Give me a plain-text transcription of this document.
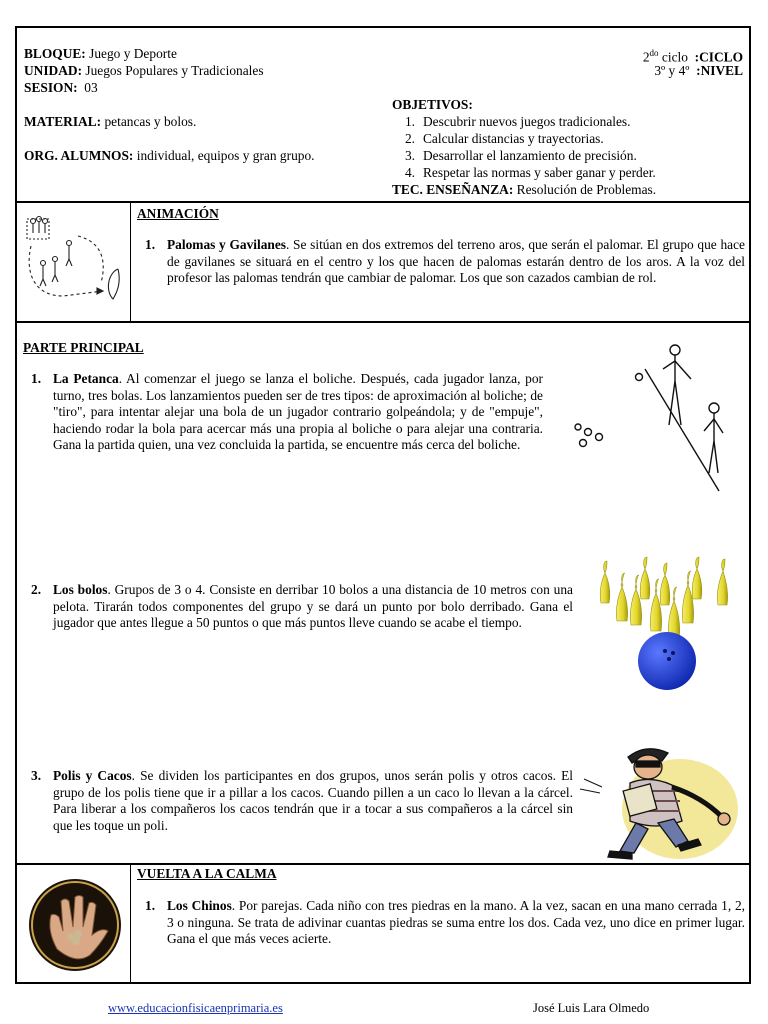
BLOQUE: Juego y Deporte
UNIDAD: Juegos Populares y Tradicionales
SESION: 03
$2^{do}$ ciclo :CICLO
3º y 4º :NIVEL
OBJETIVOS:
MATERIAL: petancas y bolos.
ORG. ALUMNOS: individual, equipos y gran grupo.
1. Descubrir nuevos juegos tradicionales.
2. Calcular distancias y trayectorias.
3. Desarrollar el lanzamiento de precisión.
4. Respetar las normas y saber ganar y perder.
TEC. ENSEÑANZA: Resolución de Problemas.
ANIMACIÓN
1. Palomas y Gavilanes. Se sitúan en dos extremos del terreno aros, que serán el palomar. El grupo que hace de gavilanes se situará en el centro y los que hacen de palomas estarán dentro de los aros. A la voz del profesor las palomas tendrán que cambiar de palomar. Los que son cazados cambian de rol.

PARTE PRINCIPAL
1. La Petanca. Al comenzar el juego se lanza el boliche. Después, cada jugador lanza, por turno, tres bolas. Los lanzamientos pueden ser de tres tipos: de aproximación al boliche; de "tiro", para intentar alejar una bola de un jugador contrario golpeándola; y de "empuje", haciendo rodar la bola para acercar más una propia al boliche o para alejar una contraria. Gana la partida quien, una vez concluida la partida, se encuentre más cerca del boliche.

2. Los bolos. Grupos de 3 o 4. Consiste en derribar 10 bolos a una distancia de 10 metros con una pelota. Tirarán todos componentes del grupo y se dará un punto por bolo derribado. Gana el jugador que antes llegue a 50 puntos o que más puntos lleve cuando se acabe el tiempo.

3. Polis y Cacos. Se dividen los participantes en dos grupos, unos serán polis y otros cacos. El grupo de los polis tiene que ir a pillar a los cacos. Cuando pillen a un caco lo llevan a la cárcel. Para liberar a los compañeros los cacos tendrán que ir a tocar a sus compañeros a la cárcel sin que les toque un poli.

VUELTA A LA CALMA
1. Los Chinos. Por parejas. Cada niño con tres piedras en la mano. A la vez, sacan en una mano cerrada 1, 2, 3 o ninguna. Se trata de adivinar cuantas piedras se suma entre los dos. Cada vez, uno dice en primer lugar. Gana el que más veces acierte.

www.educacionfisicaenprimaria.es	José Luis Lara Olmedo
